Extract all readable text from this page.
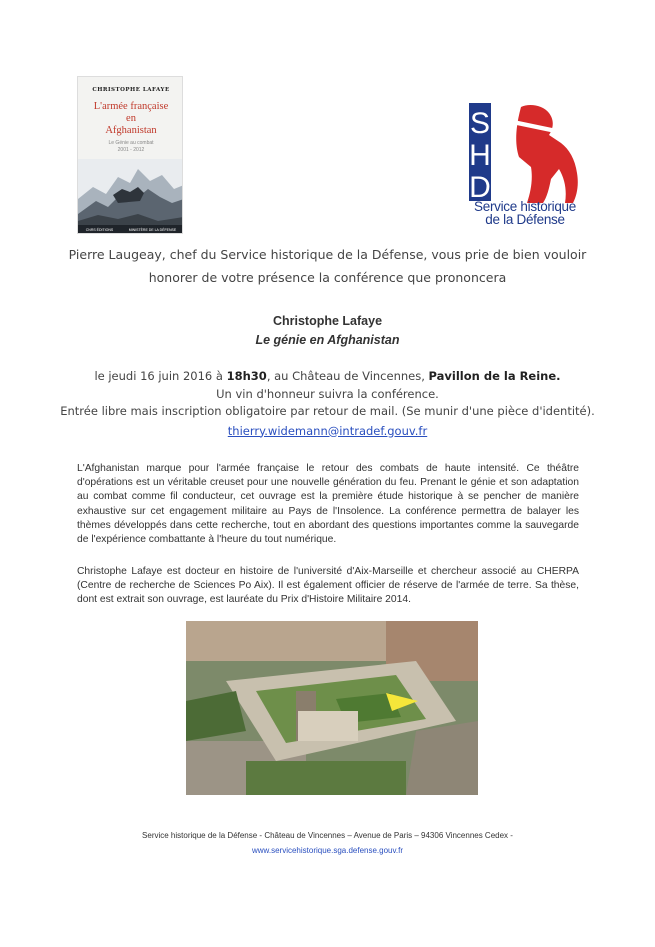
CHRISTOPHE LAFAYE
L'armée française
en
Afghanistan
Le Génie au combat
2001 - 2012
CNRS ÉDITIONS	MINISTÈRE DE LA DÉFENSE
S
H
D
Service historique
de la Défense
Pierre Laugeay, chef du Service historique de la Défense, vous prie de bien vouloir
honorer de votre présence la conférence que prononcera
Christophe Lafaye
Le génie en Afghanistan
le jeudi 16 juin 2016 à 18h30, au Château de Vincennes, Pavillon de la Reine.
Un vin d'honneur suivra la conférence.
Entrée libre mais inscription obligatoire par retour de mail. (Se munir d'une pièce d'identité).
thierry.widemann@intradef.gouv.fr
L'Afghanistan marque pour l'armée française le retour des combats de haute intensité. Ce théâtre d'opérations est un véritable creuset pour une nouvelle génération du feu. Prenant le génie et son adaptation au combat comme fil conducteur, cet ouvrage est la première étude historique à se pencher de manière exhaustive sur cet engagement militaire au Pays de l'Insolence. La conférence permettra de balayer les thèmes développés dans cette recherche, tout en abordant des questions importantes comme la sauvegarde de l'expérience combattante à l'heure du tout numérique.
Christophe Lafaye est docteur en histoire de l'université d'Aix-Marseille et chercheur associé au CHERPA (Centre de recherche de Sciences Po Aix). Il est également officier de réserve de l'armée de terre. Sa thèse, dont est extrait son ouvrage, est lauréate du Prix d'Histoire Militaire 2014.
Service historique de la Défense - Château de Vincennes – Avenue de Paris – 94306 Vincennes Cedex -
www.servicehistorique.sga.defense.gouv.fr
